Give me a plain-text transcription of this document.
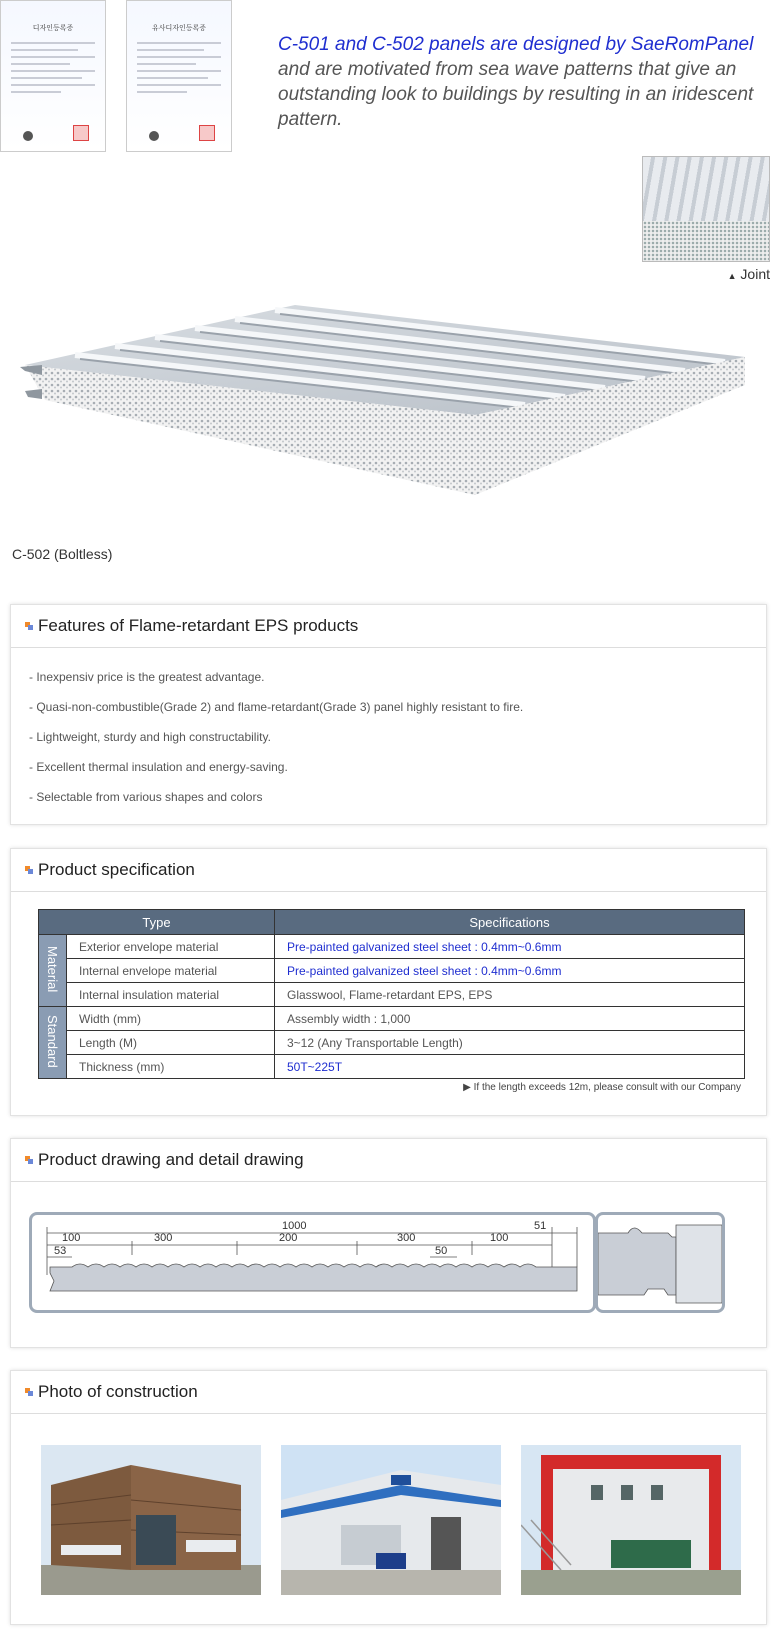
디자인등록증	유사디자인등록증
C-501 and C-502 panels are designed by SaeRomPanel
and are motivated from sea wave patterns that give an outstanding look to buildings by resulting in an iridescent pattern.
▲ Joint
C-502 (Boltless)
Features of Flame-retardant EPS products
- Inexpensiv price is the greatest advantage.
- Quasi-non-combustible(Grade 2) and flame-retardant(Grade 3) panel highly resistant to fire.
- Lightweight, sturdy and high constructability.
- Excellent thermal insulation and energy-saving.
- Selectable from various shapes and colors
Product specification
Type		Specifications
Material	Exterior envelope material	Pre-painted galvanized steel sheet : 0.4mm~0.6mm
	Internal envelope material	Pre-painted galvanized steel sheet : 0.4mm~0.6mm
	Internal insulation material	Glasswool, Flame-retardant EPS, EPS
Standard	Width (mm)	Assembly width : 1,000
	Length (M)	3~12 (Any Transportable Length)
	Thickness (mm)	50T~225T
▶ If the length exceeds 12m, please consult with our Company
Product drawing and detail drawing
1000
100
53
300	200	300
50
100
51
Photo of construction
